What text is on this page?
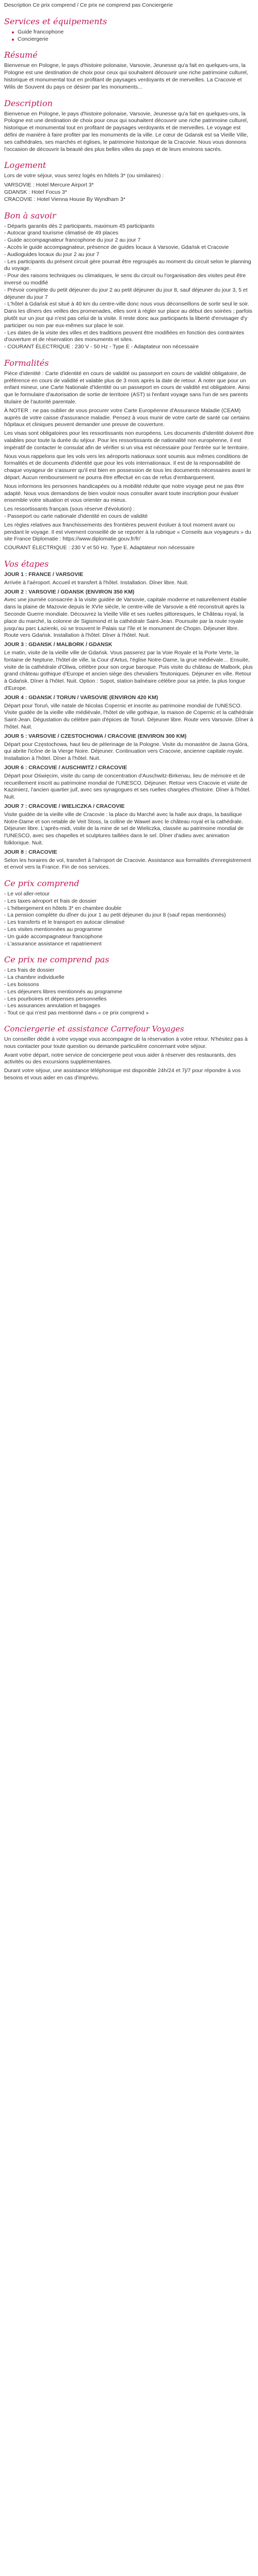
Description Ce prix comprend / Ce prix ne comprend pas Conciergerie

Services et équipements
Guide francophone
Conciergerie
Résumé

Bienvenue en Pologne, le pays d'histoire polonaise, Varsovie, Jeunesse qu'a fait en quelques-uns, la Pologne est une destination de choix pour ceux qui souhaitent découvrir une riche patrimoine culturel, historique et monumental tout en profitant de paysages verdoyants et de merveilles. La Cracovie et Wilis de Souvent du pays ce désirer par les monuments...

Description

Bienvenue en Pologne, le pays d'histoire polonaise, Varsovie, Jeunesse qu'a fait en quelques-uns, la Pologne est une destination de choix pour ceux qui souhaitent découvrir une riche patrimoine culturel, historique et monumental tout en profitant de paysages verdoyants et de merveilles. Le voyage est défini de manière à faire profiter par les monuments de la ville. Le cœur de Gdansk est sa Vieille Ville, ses cathédrales, ses marchés et églises, le patrimoine historique de la Cracovie. Nous vous donnons l'occasion de découvrir la beauté des plus belles villes du pays et de leurs environs sacrés.

Logement

Lors de votre séjour, vous serez logés en hôtels 3* (ou similaires) :

VARSOVIE : Hotel Mercure Airport 3*
GDANSK : Hotel Focus 3*
CRACOVIE : Hotel Vienna House By Wyndham 3*
Bon à savoir
- Départs garantis dès 2 participants, maximum 45 participants
- Autocar grand tourisme climatisé de 49 places
- Guide accompagnateur francophone du jour 2 au jour 7
- Accès le guide accompagnateur, présence de guides locaux à Varsovie, Gdańsk et Cracovie
- Audioguides locaux du jour 2 au jour 7
- Les participants du présent circuit gère pourrait être regroupés au moment du circuit selon le planning du voyage.
- Pour des raisons techniques ou climatiques, le sens du circuit ou l'organisation des visites peut être inversé ou modifié
- Prévoir complète du petit déjeuner du jour 2 au petit déjeuner du jour 8, sauf déjeuner du jour 3, 5 et déjeuner du jour 7
- L'hôtel à Gdańsk est situé à 40 km du centre-ville donc nous vous déconseillons de sortir seul le soir. Dans les dîners des veilles des promenades, elles sont à régler sur place au début des soirées ; parfois plutôt sur un jour qui n'est pas celui de la visite. Il reste donc aux participants la liberté d'envisager d'y participer ou non par eux-mêmes sur place le soir.
- Les dates de la visite des villes et des traditions peuvent être modifiées en fonction des contraintes d'ouverture et de réservation des monuments et sites.
- COURANT ÉLECTRIQUE : 230 V - 50 Hz - Type E - Adaptateur non nécessaire
Formalités

Pièce d'identité : Carte d'identité en cours de validité ou passeport en cours de validité obligatoire, de préférence en cours de validité et valable plus de 3 mois après la date de retour. À noter que pour un enfant mineur, une Carte Nationale d'Identité ou un passeport en cours de validité est obligatoire. Ainsi que le formulaire d'autorisation de sortie de territoire (AST) si l'enfant voyage sans l'un de ses parents titulaire de l'autorité parentale.

À NOTER : ne pas oublier de vous procurer votre Carte Européenne d'Assurance Maladie (CEAM) auprès de votre caisse d'assurance maladie. Pensez à vous munir de votre carte de santé car certains hôpitaux et cliniques peuvent demander une preuve de couverture.

Les visas sont obligatoires pour les ressortissants non européens. Les documents d'identité doivent être valables pour toute la durée du séjour. Pour les ressortissants de nationalité non européenne, il est impératif de contacter le consulat afin de vérifier si un visa est nécessaire pour l'entrée sur le territoire.

Nous vous rappelons que les vols vers les aéroports nationaux sont soumis aux mêmes conditions de formalités et de documents d'identité que pour les vols internationaux. Il est de la responsabilité de chaque voyageur de s'assurer qu'il est bien en possession de tous les documents nécessaires avant le départ. Aucun remboursement ne pourra être effectué en cas de refus d'embarquement.

Nous informons les personnes handicapées ou à mobilité réduite que notre voyage peut ne pas être adapté. Nous vous demandons de bien vouloir nous consulter avant toute inscription pour évaluer ensemble votre situation et vous orienter au mieux.

Les ressortissants français (sous réserve d'évolution) :

- Passeport ou carte nationale d'identité en cours de validité

Les règles relatives aux franchissements des frontières peuvent évoluer à tout moment avant ou pendant le voyage. Il est vivement conseillé de se reporter à la rubrique « Conseils aux voyageurs » du site France Diplomatie : https://www.diplomatie.gouv.fr/fr/

COURANT ÉLECTRIQUE : 230 V et 50 Hz. Type E. Adaptateur non nécessaire

Vos étapes

JOUR 1 : FRANCE / VARSOVIE

Arrivée à l'aéroport. Accueil et transfert à l'hôtel. Installation. Dîner libre. Nuit.

JOUR 2 : VARSOVIE / GDANSK (ENVIRON 350 KM)

Avec une journée consacrée à la visite guidée de Varsovie, capitale moderne et naturellement établie dans la plaine de Mazovie depuis le XVIe siècle, le centre-ville de Varsovie a été reconstruit après la Seconde Guerre mondiale. Découvrez la Vieille Ville et ses ruelles pittoresques, le Château royal, la place du marché, la colonne de Sigismond et la cathédrale Saint-Jean. Poursuite par la route royale jusqu'au parc Łazienki, où se trouvent le Palais sur l'île et le monument de Chopin. Déjeuner libre. Route vers Gdańsk. Installation à l'hôtel. Dîner à l'hôtel. Nuit.

JOUR 3 : GDANSK / MALBORK / GDANSK

Le matin, visite de la vieille ville de Gdańsk. Vous passerez par la Voie Royale et la Porte Verte, la fontaine de Neptune, l'hôtel de ville, la Cour d'Artus, l'église Notre-Dame, la grue médiévale… Ensuite, visite de la cathédrale d'Oliwa, célèbre pour son orgue baroque. Puis visite du château de Malbork, plus grand château gothique d'Europe et ancien siège des chevaliers Teutoniques. Déjeuner en ville. Retour à Gdańsk. Dîner à l'hôtel. Nuit. Option : Sopot, station balnéaire célèbre pour sa jetée, la plus longue d'Europe.

JOUR 4 : GDANSK / TORUN / VARSOVIE (ENVIRON 420 KM)

Départ pour Toruń, ville natale de Nicolas Copernic et inscrite au patrimoine mondial de l'UNESCO. Visite guidée de la vieille ville médiévale, l'hôtel de ville gothique, la maison de Copernic et la cathédrale Saint-Jean. Dégustation du célèbre pain d'épices de Toruń. Déjeuner libre. Route vers Varsovie. Dîner à l'hôtel. Nuit.

JOUR 5 : VARSOVIE / CZESTOCHOWA / CRACOVIE (ENVIRON 300 KM)

Départ pour Częstochowa, haut lieu de pèlerinage de la Pologne. Visite du monastère de Jasna Góra, qui abrite l'icône de la Vierge Noire. Déjeuner. Continuation vers Cracovie, ancienne capitale royale. Installation à l'hôtel. Dîner à l'hôtel. Nuit.

JOUR 6 : CRACOVIE / AUSCHWITZ / CRACOVIE

Départ pour Oświęcim, visite du camp de concentration d'Auschwitz-Birkenau, lieu de mémoire et de recueillement inscrit au patrimoine mondial de l'UNESCO. Déjeuner. Retour vers Cracovie et visite de Kazimierz, l'ancien quartier juif, avec ses synagogues et ses ruelles chargées d'histoire. Dîner à l'hôtel. Nuit.

JOUR 7 : CRACOVIE / WIELICZKA / CRACOVIE

Visite guidée de la vieille ville de Cracovie : la place du Marché avec la halle aux draps, la basilique Notre-Dame et son retable de Veit Stoss, la colline de Wawel avec le château royal et la cathédrale. Déjeuner libre. L'après-midi, visite de la mine de sel de Wieliczka, classée au patrimoine mondial de l'UNESCO, avec ses chapelles et sculptures taillées dans le sel. Dîner d'adieu avec animation folklorique. Nuit.

JOUR 8 : CRACOVIE

Selon les horaires de vol, transfert à l'aéroport de Cracovie. Assistance aux formalités d'enregistrement et envol vers la France. Fin de nos services.

Ce prix comprend
- Le vol aller-retour
- Les taxes aéroport et frais de dossier
- L'hébergement en hôtels 3* en chambre double
- La pension complète du dîner du jour 1 au petit déjeuner du jour 8 (sauf repas mentionnés)
- Les transferts et le transport en autocar climatisé
- Les visites mentionnées au programme
- Un guide accompagnateur francophone
- L'assurance assistance et rapatriement
Ce prix ne comprend pas
- Les frais de dossier
- La chambre individuelle
- Les boissons
- Les déjeuners libres mentionnés au programme
- Les pourboires et dépenses personnelles
- Les assurances annulation et bagages
- Tout ce qui n'est pas mentionné dans « ce prix comprend »
Conciergerie et assistance Carrefour Voyages

Un conseiller dédié à votre voyage vous accompagne de la réservation à votre retour. N'hésitez pas à nous contacter pour toute question ou demande particulière concernant votre séjour.

Avant votre départ, notre service de conciergerie peut vous aider à réserver des restaurants, des activités ou des excursions supplémentaires.

Durant votre séjour, une assistance téléphonique est disponible 24h/24 et 7j/7 pour répondre à vos besoins et vous aider en cas d'imprévu.
